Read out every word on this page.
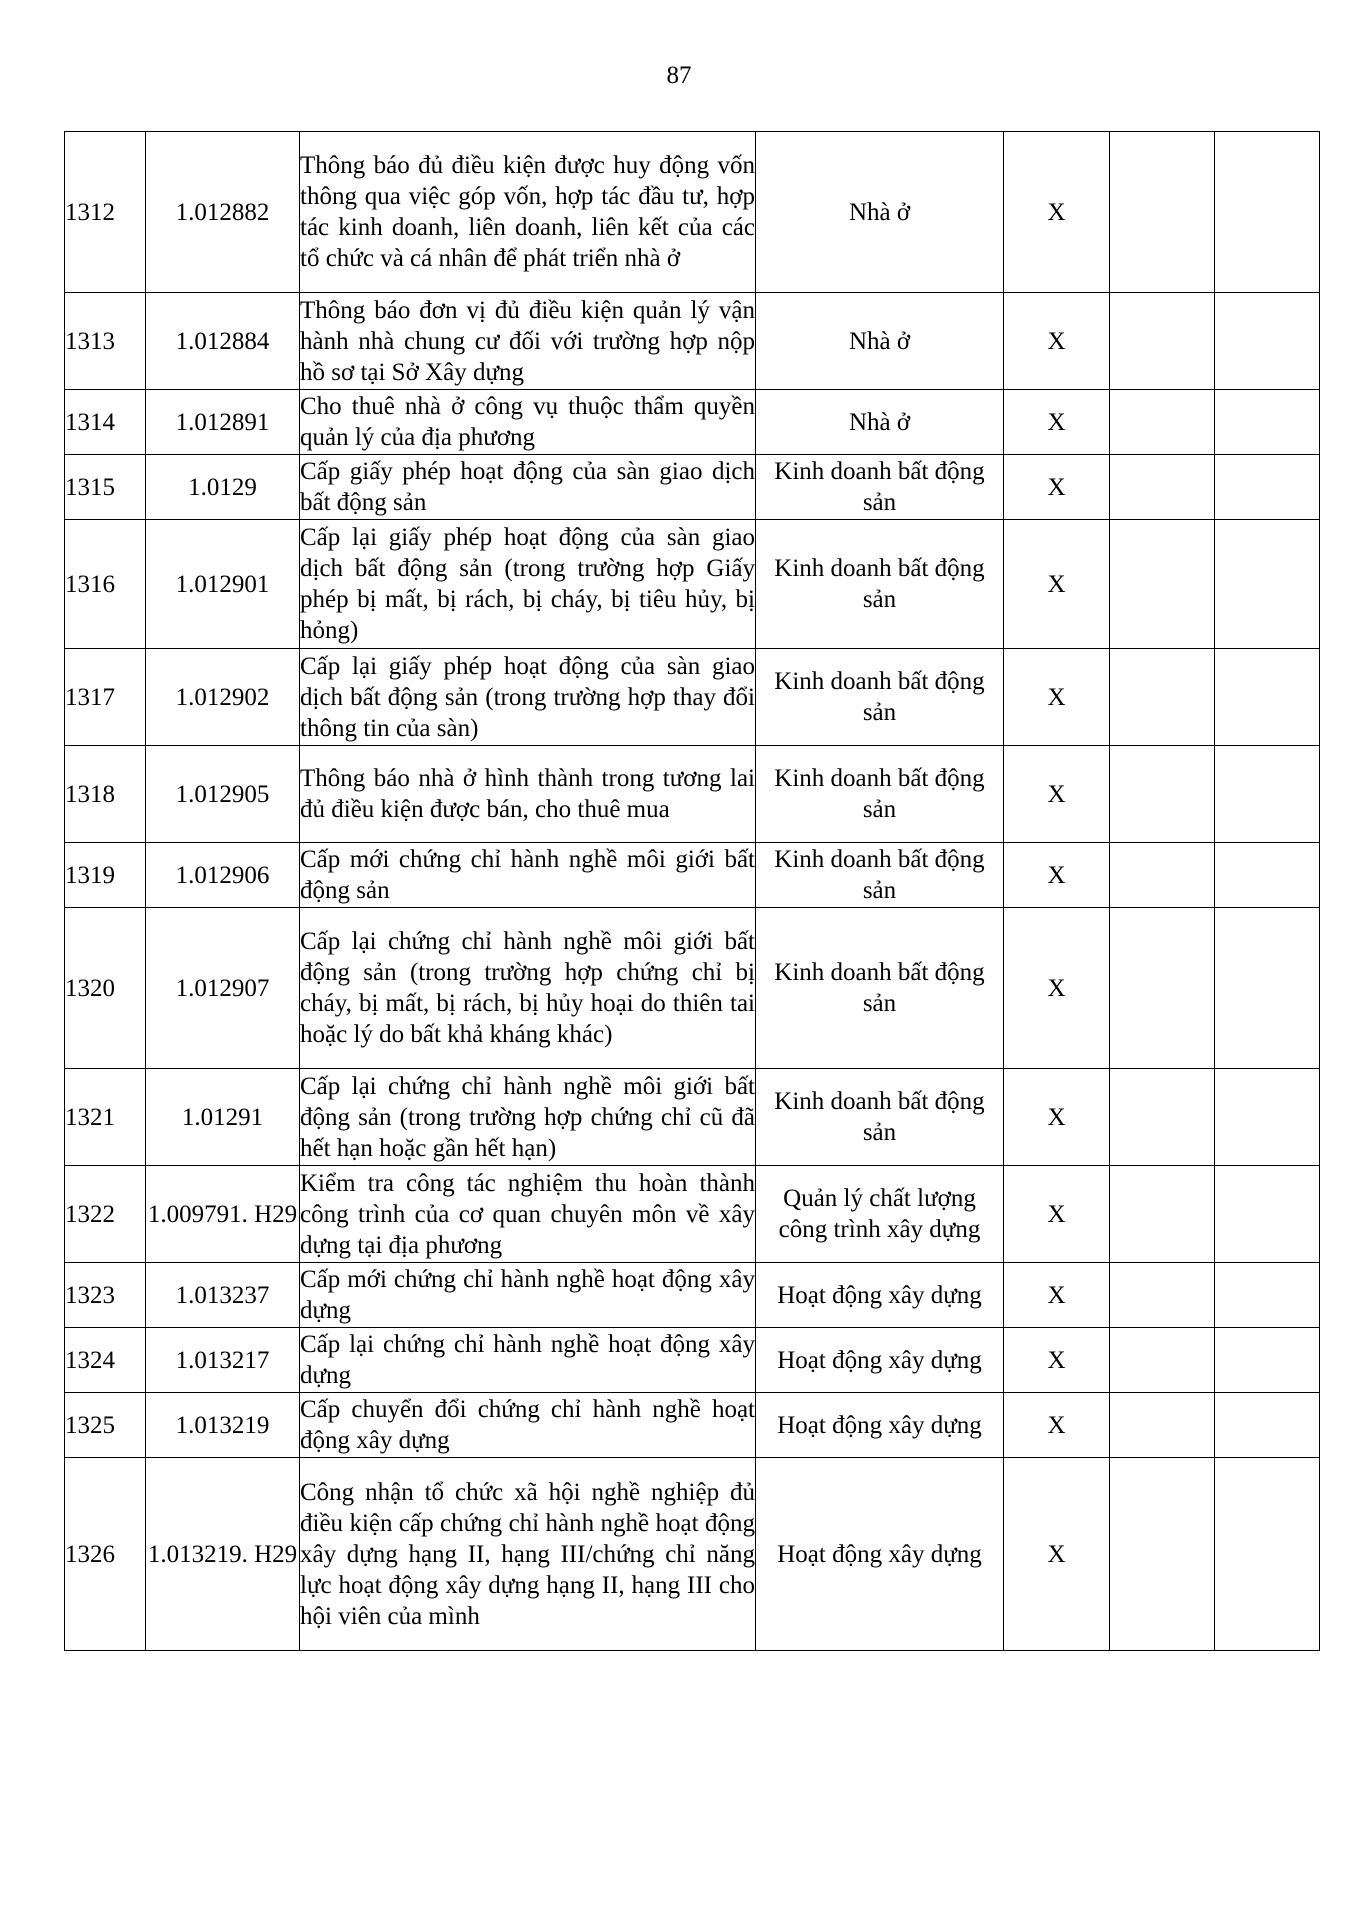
87
1312	1.012882	Thông báo đủ điều kiện được huy động vốn thông qua việc góp vốn, hợp tác đầu tư, hợp tác kinh doanh, liên doanh, liên kết của các tổ chức và cá nhân để phát triển nhà ở	Nhà ở	X		
1313	1.012884	Thông báo đơn vị đủ điều kiện quản lý vận hành nhà chung cư đối với trường hợp nộp hồ sơ tại Sở Xây dựng	Nhà ở	X		
1314	1.012891	Cho thuê nhà ở công vụ thuộc thẩm quyền quản lý của địa phương	Nhà ở	X		
1315	1.0129	Cấp giấy phép hoạt động của sàn giao dịch bất động sản	Kinh doanh bất động sản	X		
1316	1.012901	Cấp lại giấy phép hoạt động của sàn giao dịch bất động sản (trong trường hợp Giấy phép bị mất, bị rách, bị cháy, bị tiêu hủy, bị hỏng)	Kinh doanh bất động sản	X		
1317	1.012902	Cấp lại giấy phép hoạt động của sàn giao dịch bất động sản (trong trường hợp thay đổi thông tin của sàn)	Kinh doanh bất động sản	X		
1318	1.012905	Thông báo nhà ở hình thành trong tương lai đủ điều kiện được bán, cho thuê mua	Kinh doanh bất động sản	X		
1319	1.012906	Cấp mới chứng chỉ hành nghề môi giới bất động sản	Kinh doanh bất động sản	X		
1320	1.012907	Cấp lại chứng chỉ hành nghề môi giới bất động sản (trong trường hợp chứng chỉ bị cháy, bị mất, bị rách, bị hủy hoại do thiên tai hoặc lý do bất khả kháng khác)	Kinh doanh bất động sản	X		
1321	1.01291	Cấp lại chứng chỉ hành nghề môi giới bất động sản (trong trường hợp chứng chỉ cũ đã hết hạn hoặc gần hết hạn)	Kinh doanh bất động sản	X		
1322	1.009791. H29	Kiểm tra công tác nghiệm thu hoàn thành công trình của cơ quan chuyên môn về xây dựng tại địa phương	Quản lý chất lượng công trình xây dựng	X		
1323	1.013237	Cấp mới chứng chỉ hành nghề hoạt động xây dựng	Hoạt động xây dựng	X		
1324	1.013217	Cấp lại chứng chỉ hành nghề hoạt động xây dựng	Hoạt động xây dựng	X		
1325	1.013219	Cấp chuyển đổi chứng chỉ hành nghề hoạt động xây dựng	Hoạt động xây dựng	X		
1326	1.013219. H29	Công nhận tổ chức xã hội nghề nghiệp đủ điều kiện cấp chứng chỉ hành nghề hoạt động xây dựng hạng II, hạng III/chứng chỉ năng lực hoạt động xây dựng hạng II, hạng III cho hội viên của mình	Hoạt động xây dựng	X		
